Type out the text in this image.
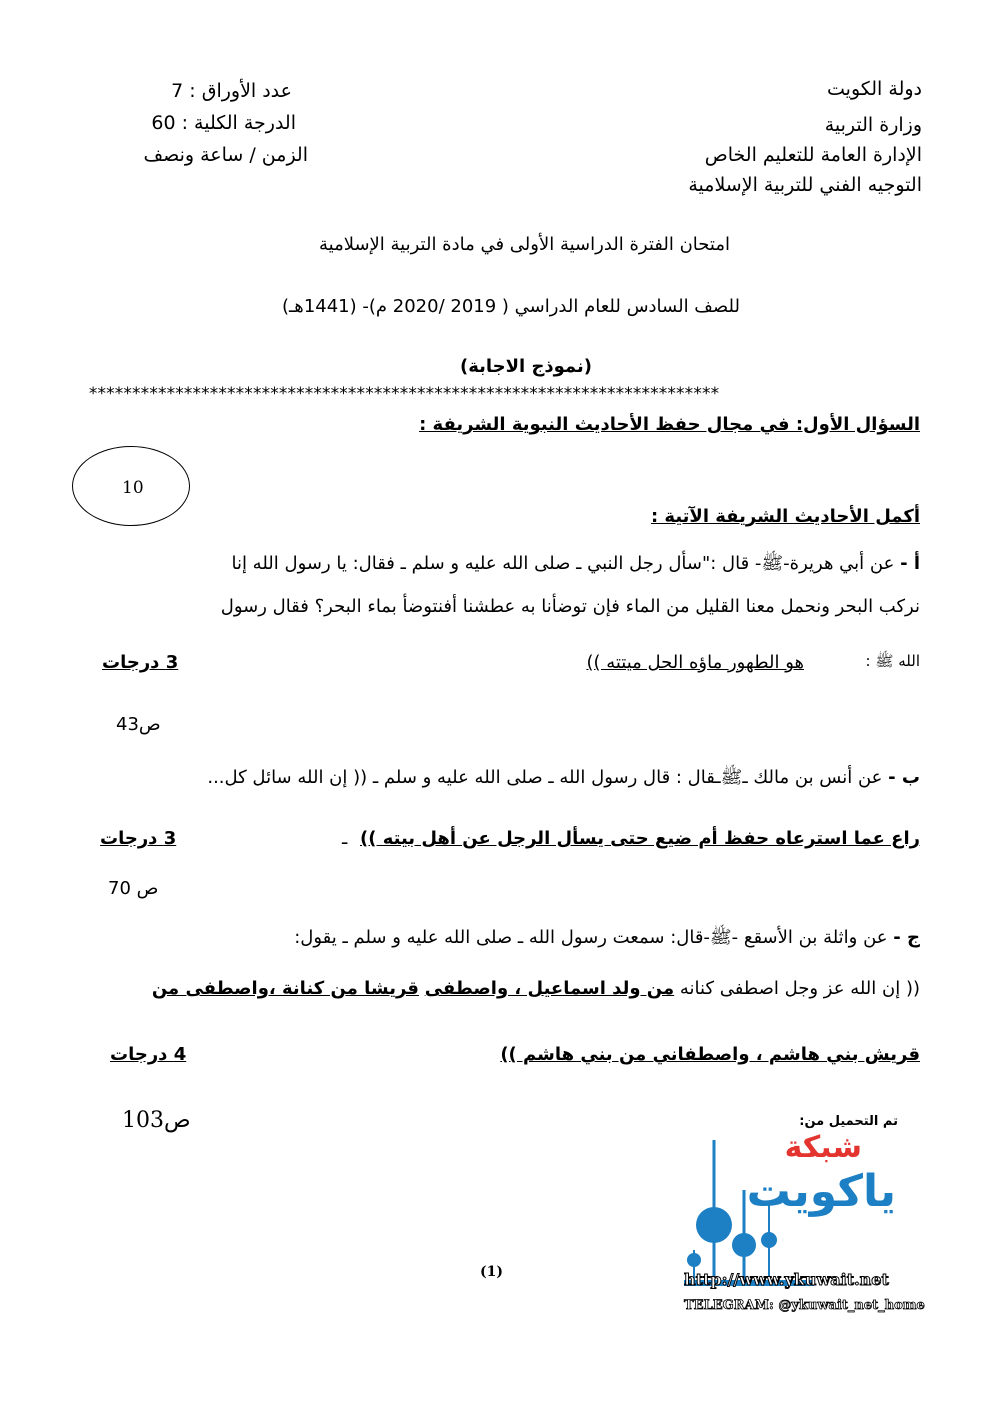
دولة الكويت
وزارة التربية
الإدارة العامة للتعليم الخاص
التوجيه الفني للتربية الإسلامية
عدد الأوراق : 7
الدرجة الكلية : 60
الزمن / ساعة ونصف
امتحان الفترة الدراسية الأولى في مادة التربية الإسلامية
للصف السادس للعام الدراسي ( 2019 /2020 م)- (1441هـ)
(نموذج الاجابة)
*************************************************************************
السؤال الأول: في مجال حفظ الأحاديث النبوية الشريفة :
10
أكمل الأحاديث الشريفة الآتية :
أ - عن أبي هريرة-ﷺ- قال :"سأل رجل النبي ـ صلى الله عليه و سلم ـ فقال: يا رسول الله إنا
نركب البحر ونحمل معنا القليل من الماء فإن توضأنا به عطشنا أفنتوضأ بماء البحر؟ فقال رسول
الله ﷺ :
هو الطهور ماؤه الحل ميتته ))
3 درجات
ص43
ب - عن أنس بن مالك ـﷺـقال : قال رسول الله ـ صلى الله عليه و سلم ـ (( إن الله سائل كل...
راع عما استرعاه حفظ أم ضيع حتى يسأل الرجل عن أهل بيته ))
ـ
3 درجات
ص 70
ج - عن واثلة بن الأسقع -ﷺ-قال: سمعت رسول الله ـ صلى الله عليه و سلم ـ يقول:
(( إن الله عز وجل اصطفى كنانه من ولد اسماعيل ، واصطفى قريشا من كنانة ،واصطفى من
قريش بني هاشم ، واصطفاني من بني هاشم ))
4 درجات
ص103	تم التحميل من:
شبكة
ياكويت
http://www.ykuwait.net
TELEGRAM: @ykuwait_net_home
(1)
